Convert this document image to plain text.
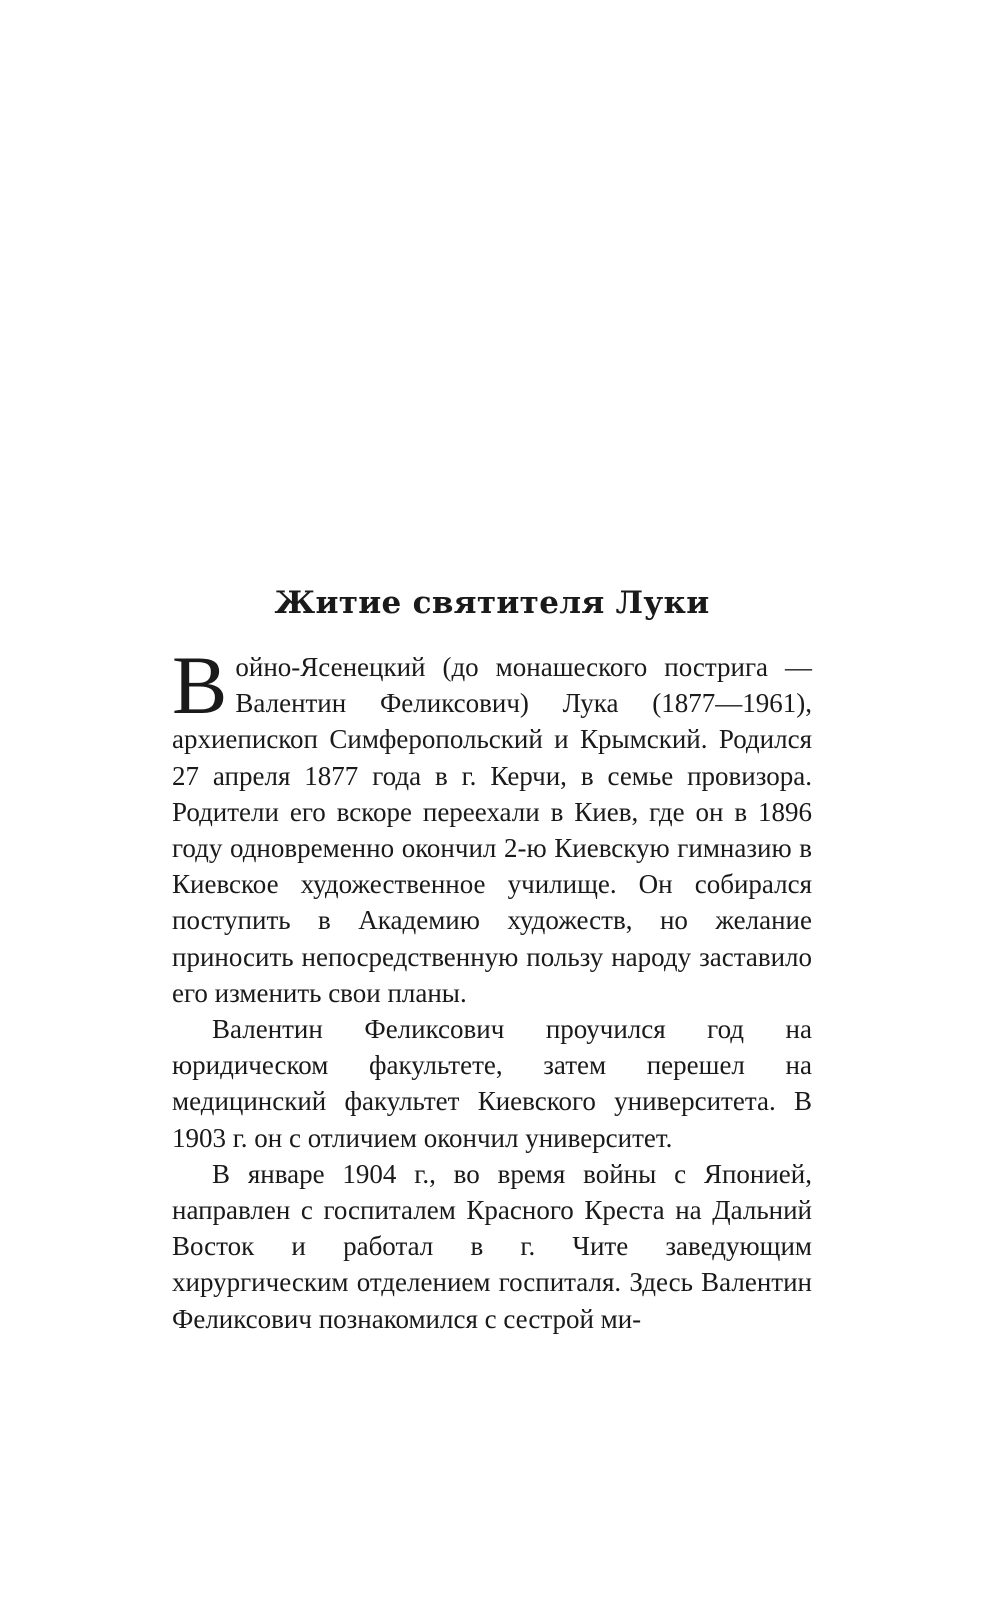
Житие святителя Луки

Войно-Ясенецкий (до монашеского пострига — Валентин Феликсович) Лука (1877—1961), архиепископ Симферопольский и Крымский. Родился 27 апреля 1877 года в г. Керчи, в семье провизора. Родители его вскоре переехали в Киев, где он в 1896 году одновременно окончил 2-ю Киевскую гимназию в Киевское художественное училище. Он собирался поступить в Академию художеств, но желание приносить непосредственную пользу народу заставило его изменить свои планы.

Валентин Феликсович проучился год на юридическом факультете, затем перешел на медицинский факультет Киевского университета. В 1903 г. он с отличием окончил университет.

В январе 1904 г., во время войны с Японией, направлен с госпиталем Красного Креста на Дальний Восток и работал в г. Чите заведующим хирургическим отделением госпиталя. Здесь Валентин Феликсович познакомился с сестрой ми-
